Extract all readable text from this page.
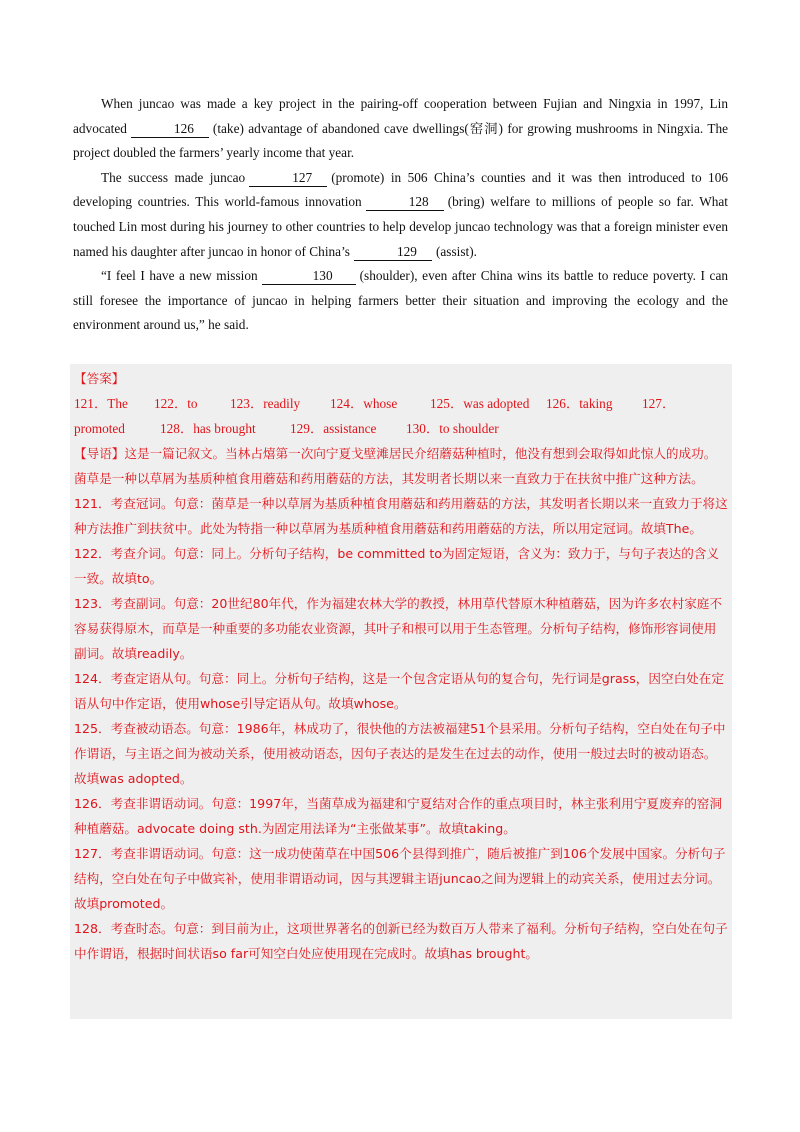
When juncao was made a key project in the pairing-off cooperation between Fujian and Ningxia in 1997, Lin advocated	126 (take) advantage of abandoned cave dwellings(窑洞) for growing mushrooms in Ningxia. The project doubled the farmers’ yearly income that year.

The success made juncao	127 (promote) in 506 China’s counties and it was then introduced to 106 developing countries. This world-famous innovation	128 (bring) welfare to millions of people so far. What touched Lin most during his journey to other countries to help develop juncao technology was that a foreign minister even named his daughter after juncao in honor of China’s	129 (assist).

“I feel I have a new mission	130 (shoulder), even after China wins its battle to reduce poverty. I can still foresee the importance of juncao in helping farmers better their situation and improving the ecology and the environment around us,” he said.

【答案】

121．The 122．to 123．readily 124．whose 125．was adopted 126．taking 127．

promoted	128．has brought	129．assistance 130．to shoulder

【导语】这是一篇记叙文。当林占熺第一次向宁夏戈壁滩居民介绍蘑菇种植时，他没有想到会取得如此惊人的成功。菌草是一种以草屑为基质种植食用蘑菇和药用蘑菇的方法，其发明者长期以来一直致力于在扶贫中推广这种方法。

121．考查冠词。句意：菌草是一种以草屑为基质种植食用蘑菇和药用蘑菇的方法，其发明者长期以来一直致力于将这种方法推广到扶贫中。此处为特指一种以草屑为基质种植食用蘑菇和药用蘑菇的方法，所以用定冠词。故填The。

122．考查介词。句意：同上。分析句子结构，be committed to为固定短语，含义为：致力于，与句子表达的含义一致。故填to。

123．考查副词。句意：20世纪80年代，作为福建农林大学的教授，林用草代替原木种植蘑菇，因为许多农村家庭不容易获得原木，而草是一种重要的多功能农业资源，其叶子和根可以用于生态管理。分析句子结构，修饰形容词使用副词。故填readily。

124．考查定语从句。句意：同上。分析句子结构，这是一个包含定语从句的复合句，先行词是grass，因空白处在定语从句中作定语，使用whose引导定语从句。故填whose。

125．考查被动语态。句意：1986年，林成功了，很快他的方法被福建51个县采用。分析句子结构，空白处在句子中作谓语，与主语之间为被动关系，使用被动语态，因句子表达的是发生在过去的动作，使用一般过去时的被动语态。故填was adopted。

126．考查非谓语动词。句意：1997年，当菌草成为福建和宁夏结对合作的重点项目时，林主张利用宁夏废弃的窑洞种植蘑菇。advocate doing sth.为固定用法译为“主张做某事”。故填taking。

127．考查非谓语动词。句意：这一成功使菌草在中国506个县得到推广，随后被推广到106个发展中国家。分析句子结构，空白处在句子中做宾补，使用非谓语动词，因与其逻辑主语juncao之间为逻辑上的动宾关系，使用过去分词。故填promoted。

128．考查时态。句意：到目前为止，这项世界著名的创新已经为数百万人带来了福利。分析句子结构，空白处在句子中作谓语，根据时间状语so far可知空白处应使用现在完成时。故填has brought。
